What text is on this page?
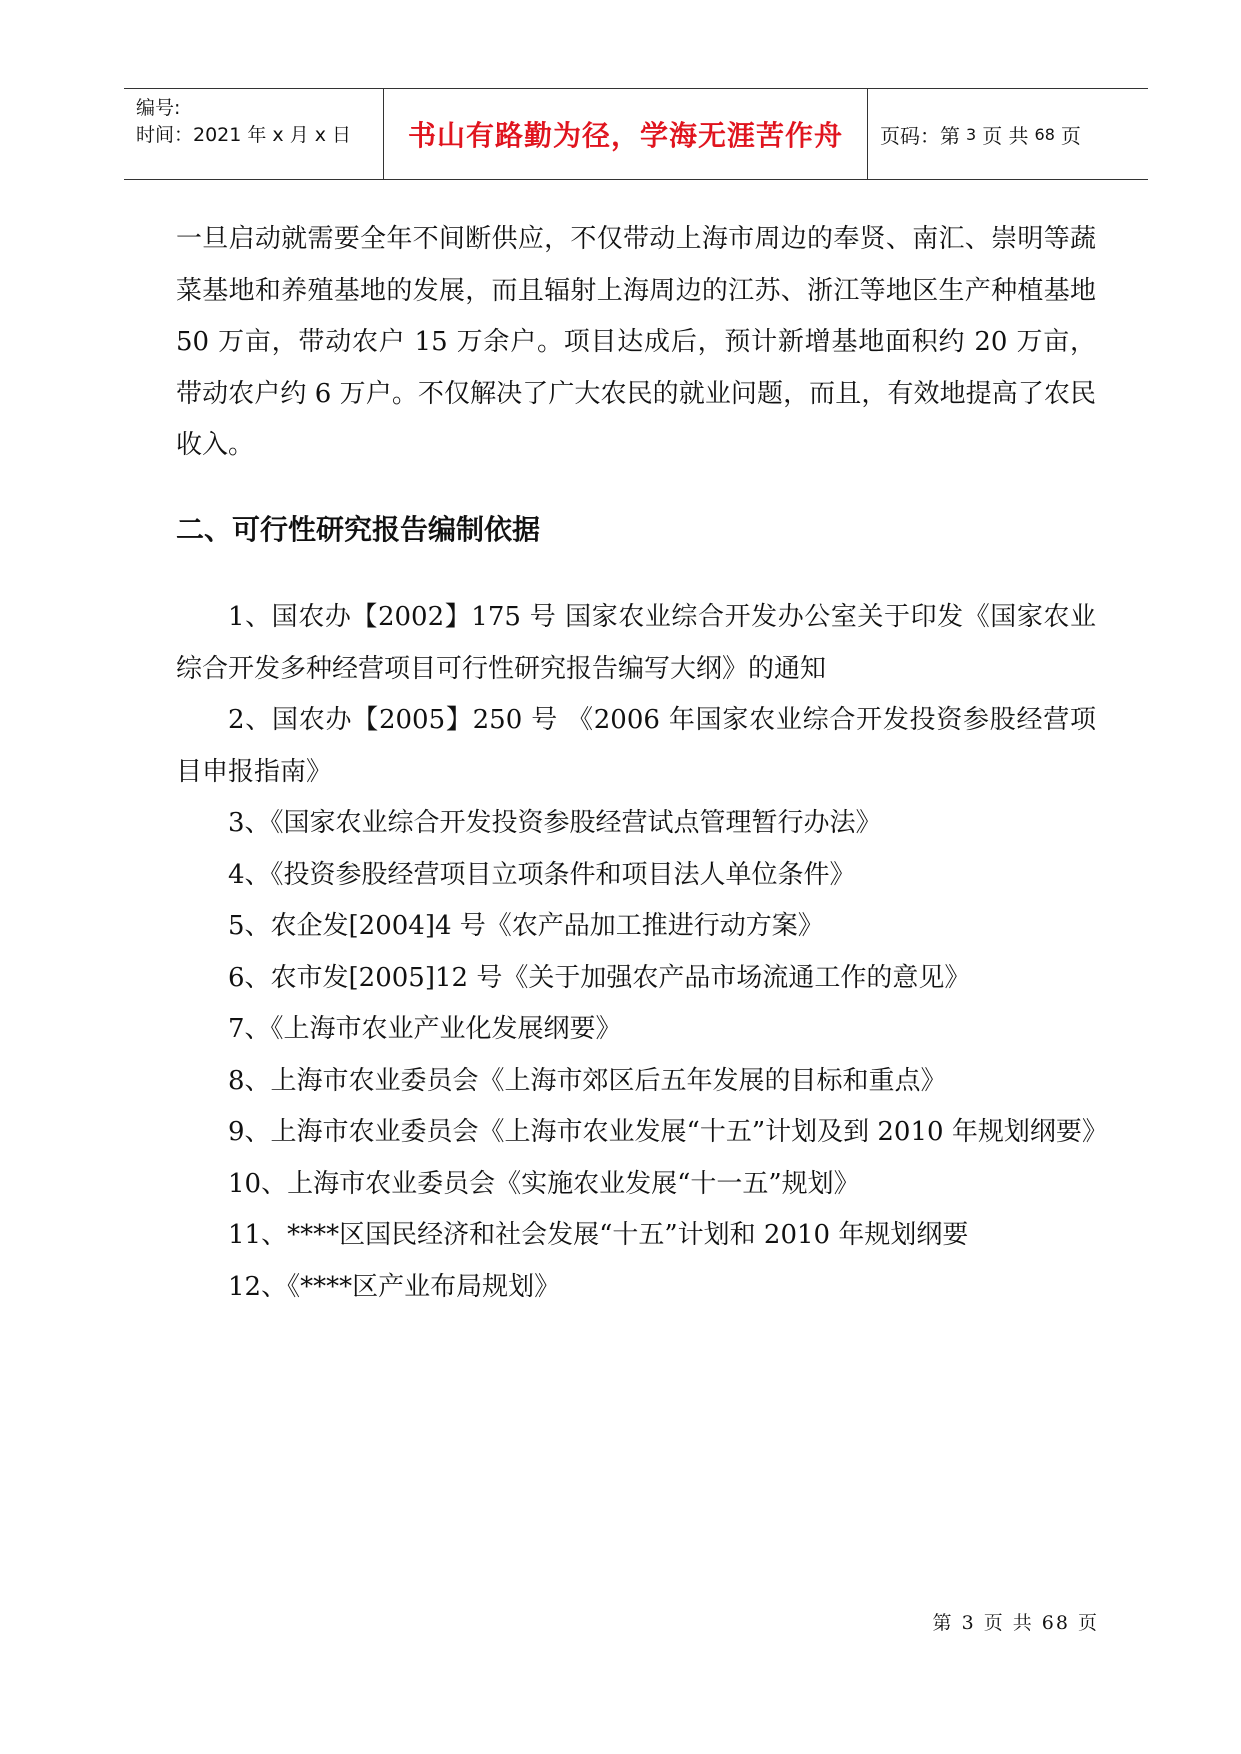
编号:
时间：2021 年 x 月 x 日 书山有路勤为径，学海无涯苦作舟 页码：第 3 页 共 68 页

一旦启动就需要全年不间断供应，不仅带动上海市周边的奉贤、南汇、崇明等蔬菜基地和养殖基地的发展，而且辐射上海周边的江苏、浙江等地区生产种植基地 50 万亩，带动农户 15 万余户。项目达成后，预计新增基地面积约 20 万亩，带动农户约 6 万户。不仅解决了广大农民的就业问题，而且，有效地提高了农民收入。

二、可行性研究报告编制依据
1、国农办【2002】175 号 国家农业综合开发办公室关于印发《国家农业综合开发多种经营项目可行性研究报告编写大纲》的通知
2、国农办【2005】250 号 《2006 年国家农业综合开发投资参股经营项目申报指南》
3、《国家农业综合开发投资参股经营试点管理暂行办法》
4、《投资参股经营项目立项条件和项目法人单位条件》
5、农企发[2004]4 号《农产品加工推进行动方案》
6、农市发[2005]12 号《关于加强农产品市场流通工作的意见》
7、《上海市农业产业化发展纲要》
8、上海市农业委员会《上海市郊区后五年发展的目标和重点》
9、上海市农业委员会《上海市农业发展“十五”计划及到 2010 年规划纲要》
10、上海市农业委员会《实施农业发展“十一五”规划》
11、****区国民经济和社会发展“十五”计划和 2010 年规划纲要
12、《****区产业布局规划》
第 3 页 共 68 页
